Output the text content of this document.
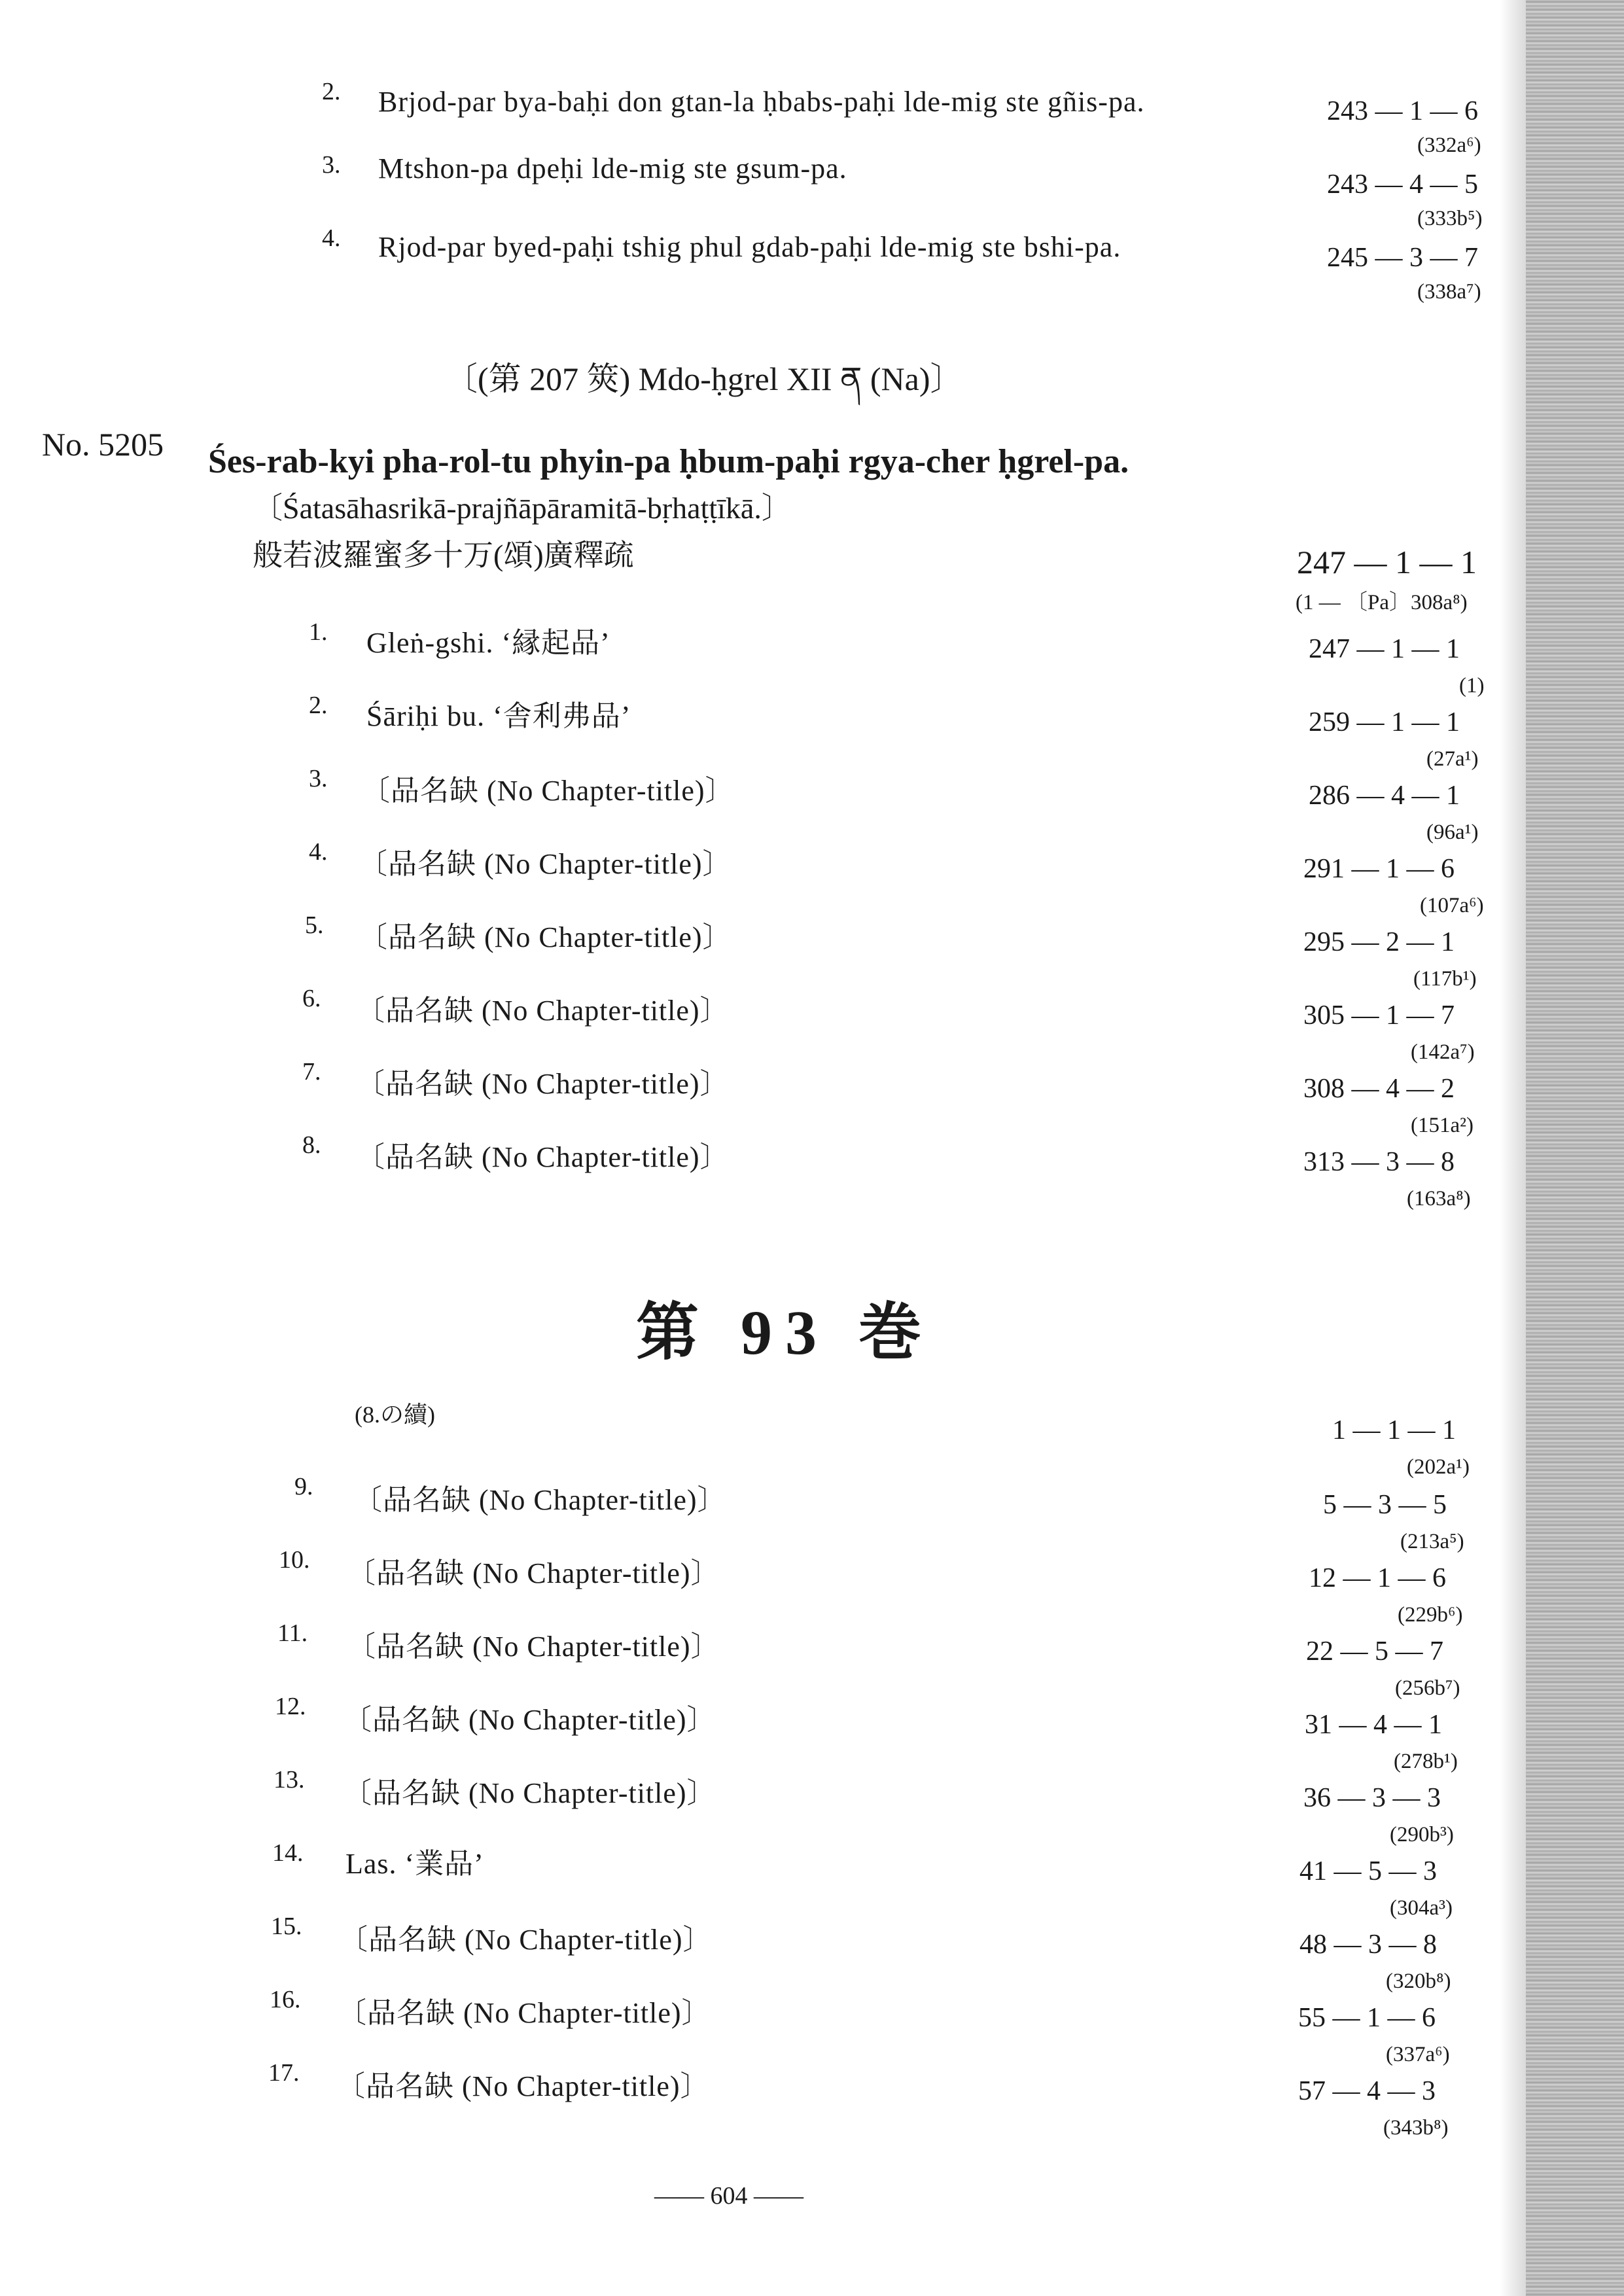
2. Brjod-par bya-baḥi don gtan-la ḥbabs-paḥi lde-mig ste gñis-pa.	243 — 1 — 6
(332a⁶)
3. Mtshon-pa dpeḥi lde-mig ste gsum-pa.	243 — 4 — 5
(333b⁵)
4. Rjod-par byed-paḥi tshig phul gdab-paḥi lde-mig ste bshi-pa.	245 — 3 — 7
(338a⁷)
〔(第 207 筴) Mdo-ḥgrel XII ན (Na)〕
No. 5205 Śes-rab-kyi pha-rol-tu phyin-pa ḥbum-paḥi rgya-cher ḥgrel-pa.
〔Śatasāhasrikā-prajñāpāramitā-bṛhaṭṭīkā.〕
般若波羅蜜多十万(頌)廣釋疏	247 — 1 — 1
(1 — 〔Pa〕308a⁸)
1. Gleṅ-gshi. ‘縁起品’	247 — 1 — 1
(1)
2. Śāriḥi bu. ‘舎利弗品’	259 — 1 — 1
(27a¹)
3. 〔品名缺 (No Chapter-title)〕	286 — 4 — 1
(96a¹)
4. 〔品名缺 (No Chapter-title)〕	291 — 1 — 6
(107a⁶)
5. 〔品名缺 (No Chapter-title)〕	295 — 2 — 1
(117b¹)
6. 〔品名缺 (No Chapter-title)〕	305 — 1 — 7
(142a⁷)
7. 〔品名缺 (No Chapter-title)〕	308 — 4 — 2
(151a²)
8. 〔品名缺 (No Chapter-title)〕	313 — 3 — 8
(163a⁸)
第 93 巻
(8.の續)
1 — 1 — 1
(202a¹)
9. 〔品名缺 (No Chapter-title)〕	5 — 3 — 5
(213a⁵)
10. 〔品名缺 (No Chapter-title)〕	12 — 1 — 6
(229b⁶)
11. 〔品名缺 (No Chapter-title)〕	22 — 5 — 7
(256b⁷)
12. 〔品名缺 (No Chapter-title)〕	31 — 4 — 1
(278b¹)
13. 〔品名缺 (No Chapter-title)〕	36 — 3 — 3
(290b³)
14. Las. ‘業品’	41 — 5 — 3
(304a³)
15. 〔品名缺 (No Chapter-title)〕	48 — 3 — 8
(320b⁸)
16. 〔品名缺 (No Chapter-title)〕	55 — 1 — 6
(337a⁶)
17. 〔品名缺 (No Chapter-title)〕	57 — 4 — 3
(343b⁸)
—— 604 ——
